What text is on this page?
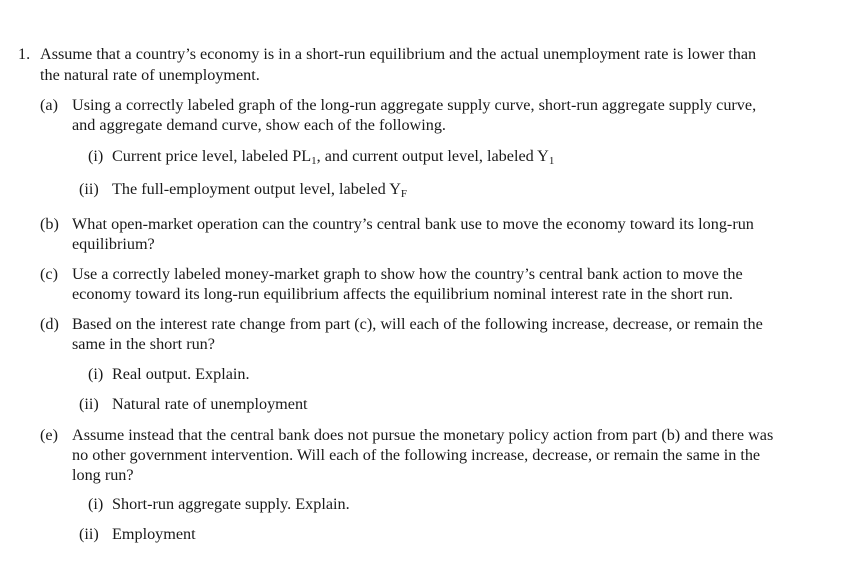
1. Assume that a country’s economy is in a short-run equilibrium and the actual unemployment rate is lower than
the natural rate of unemployment.
(a) Using a correctly labeled graph of the long-run aggregate supply curve, short-run aggregate supply curve,
and aggregate demand curve, show each of the following.
(i) Current price level, labeled $PL_1$, and current output level, labeled $Y_1$
(ii) The full-employment output level, labeled $Y_F$
(b) What open-market operation can the country’s central bank use to move the economy toward its long-run
equilibrium?
(c) Use a correctly labeled money-market graph to show how the country’s central bank action to move the
economy toward its long-run equilibrium affects the equilibrium nominal interest rate in the short run.
(d) Based on the interest rate change from part (c), will each of the following increase, decrease, or remain the
same in the short run?
(i) Real output. Explain.
(ii) Natural rate of unemployment
(e) Assume instead that the central bank does not pursue the monetary policy action from part (b) and there was
no other government intervention. Will each of the following increase, decrease, or remain the same in the
long run?
(i) Short-run aggregate supply. Explain.
(ii) Employment
